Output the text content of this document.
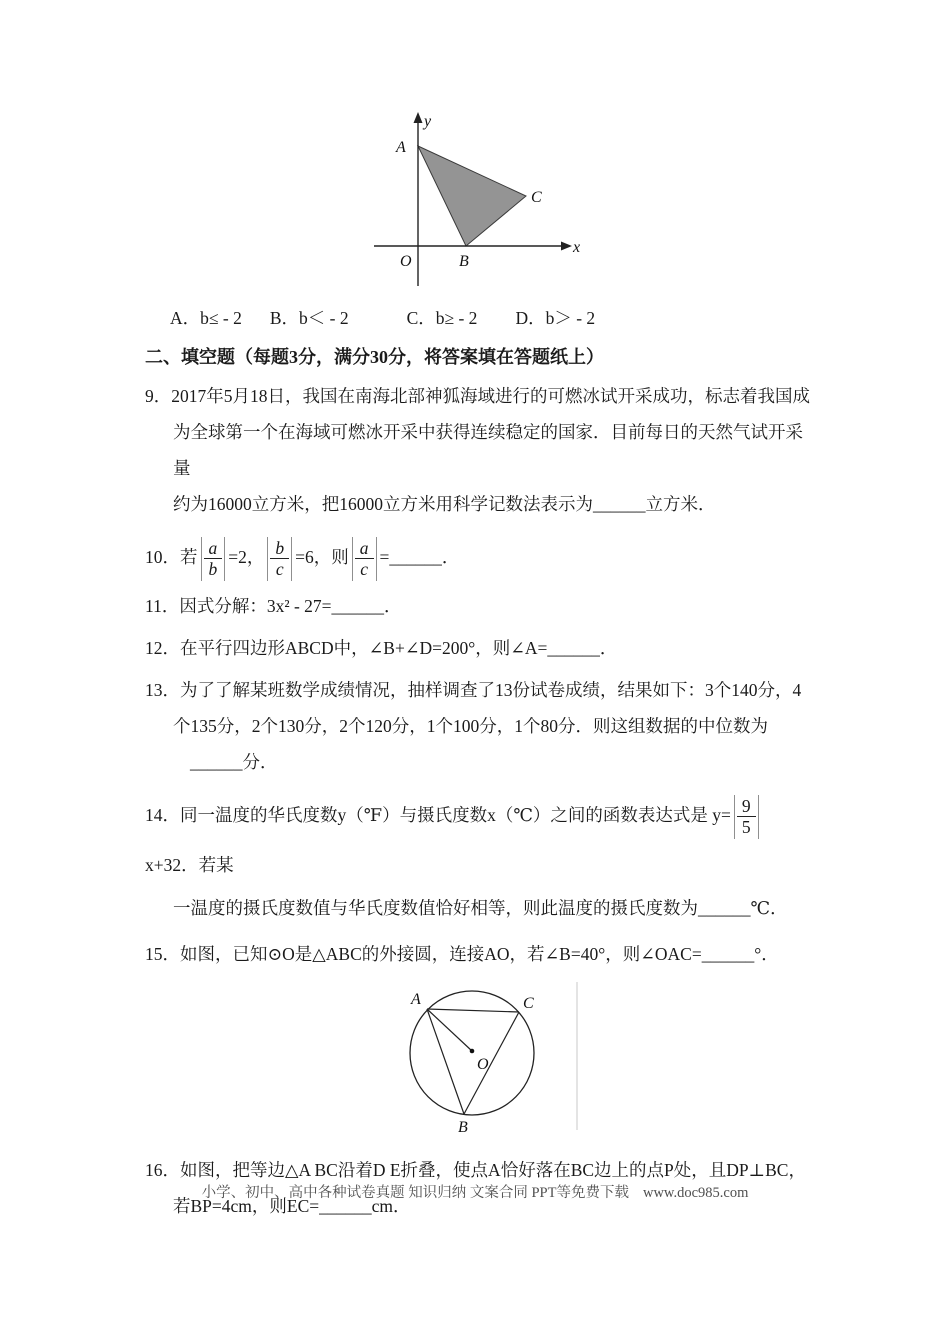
y
x
O
A
B
C
A．b≤ - 2 B．b＜ - 2	C．b≥ - 2 D．b＞ - 2
二、填空题（每题3分，满分30分，将答案填在答题纸上）

9．2017年5月18日，我国在南海北部神狐海域进行的可燃冰试开采成功，标志着我国成

为全球第一个在海域可燃冰开采中获得连续稳定的国家．目前每日的天然气试开采量

约为16000立方米，把16000立方米用科学记数法表示为______立方米．

10．若 $\frac{a}{b} =2$， $\frac{b}{c} =6$，则 $\frac{a}{c}$ =______．

11．因式分解：3x² - 27=______．

12．在平行四边形ABCD中，∠B+∠D=200°，则∠A=______．

13．为了了解某班数学成绩情况，抽样调查了13份试卷成绩，结果如下：3个140分，4

个135分，2个130分，2个120分，1个100分，1个80分．则这组数据的中位数为

______分．

14．同一温度的华氏度数y（℉）与摄氏度数x（℃）之间的函数表达式是 $y= \frac{9}{5}$
x+32．若某

一温度的摄氏度数值与华氏度数值恰好相等，则此温度的摄氏度数为______℃．

15．如图，已知⊙O是△ABC的外接圆，连接AO，若∠B=40°，则∠OAC=______°．

A	C
B
O

16．如图，把等边△A BC沿着D E折叠，使点A恰好落在BC边上的点P处，且DP⊥BC，

若BP=4cm，则EC=______cm．

小学、初中、高中各种试卷真题 知识归纳 文案合同 PPT等免费下载 www.doc985.com
